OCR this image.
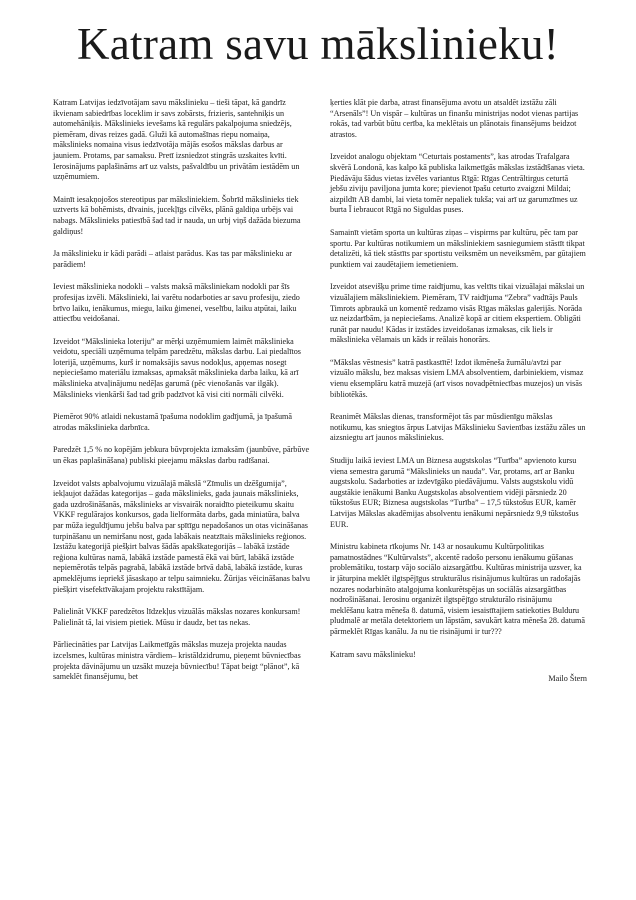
Katram savu mākslinieku!

Katram Latvijas iedzīvotājam savu mākslinieku – tieši tāpat, kā gandrīz ikvienam sabiedrības loceklim ir savs zobārsts, frizieris, santehniķis un automehāniķis. Mākslinieks ievešams kā regulārs pakalpojuma sniedzējs, piemēram, divas reizes gadā. Gluži kā automašīnas riepu nomaiņa, mākslinieks nomaina visus iedzīvotāja mājās esošos mākslas darbus ar jauniem. Protams, par samaksu. Pretī izsniedzot stingrās uzskaites kvīti. Ierosinājums paplašināms arī uz valsts, pašvaldību un privātām iestādēm un uzņēmumiem.

Mainīt iesakņojošos stereotipus par māksliniekiem. Šobrīd mākslinieks tiek uztverts kā bohēmists, dīvainis, jucekļīgs cilvēks, plānā galdiņa urbējs vai nabags. Mākslinieks patiesībā šad tad ir nauda, un urbj viņš dažāda biezuma galdiņus!

Ja mākslinieku ir kādi parādi – atlaist parādus. Kas tas par mākslinieku ar parādiem!

Ieviest mākslinieka nodokli – valsts maksā māksliniekam nodokli par šīs profesijas izvēli. Mākslinieki, lai varētu nodarboties ar savu profesiju, ziedo brīvo laiku, ienākumus, miegu, laiku ģimenei, veselību, laiku atpūtai, laiku attiecību veidošanai.

Izveidot “Mākslinieka loteriju” ar mērķi uzņēmumiem laimēt mākslinieka veidotu, speciāli uzņēmuma telpām paredzētu, mākslas darbu. Lai piedalītos loterijā, uzņēmums, kurš ir nomaksājis savus nodokļus, apņemas nosegt nepieciešamo materiālu izmaksas, apmaksāt mākslinieka darba laiku, kā arī mākslinieka atvaļinājumu nedēļas garumā (pēc vienošanās var ilgāk). Mākslinieks vienkārši šad tad grib padzīvot kā visi citi normāli cilvēki.

Piemērot 90% atlaidi nekustamā īpašuma nodoklim gadījumā, ja īpašumā atrodas mākslinieka darbnīca.

Paredzēt 1,5 % no kopējām jebkura būvprojekta izmaksām (jaunbūve, pārbūve un ēkas paplašināšana) publiski pieejamu mākslas darbu radīšanai.

Izveidot valsts apbalvojumu vizuālajā mākslā “Zīmulis un dzēšgumija”, iekļaujot dažādas kategorijas – gada mākslinieks, gada jaunais mākslinieks, gada uzdrošināšanās, mākslinieks ar visvairāk noraidīto pieteikumu skaitu VKKF regulārajos konkursos, gada lielformāta darbs, gada miniatūra, balva par mūža ieguldījumu jebšu balva par spītīgu nepadošanos un otas vicināšanas turpināšanu un nemiršanu nost, gada labākais neatzītais mākslinieks reģionos. Izstāžu kategorijā piešķirt balvas šādās apakškategorijās – labākā izstāde reģiona kultūras namā, labākā izstāde pamestā ēkā vai būrī, labākā izstāde nepiemērotās telpās pagrabā, labākā izstāde brīvā dabā, labākā izstāde, kuras apmeklējums iepriekš jāsaskaņo ar telpu saimnieku. Žūrijas vēicināšanas balvu piešķirt visefektīvākajam projektu rakstītājam.

Palielināt VKKF paredzētos līdzekļus vizuālās mākslas nozares konkursam! Palielināt tā, lai visiem pietiek. Mūsu ir daudz, bet tas nekas.

Pārliecināties par Latvijas Laikmetīgās mākslas muzeja projekta naudas izcelsmes, kultūras ministra vārdiem– kristāldzidrumu, pieņemt būvniecības projekta dāvinājumu un uzsākt muzeja būvniecību! Tāpat beigt “plānot”, kā sameklēt finansējumu, bet

ķerties klāt pie darba, atrast finansējuma avotu un atsaldēt izstāžu zāli “Arsenāls”! Un vispār – kultūras un finanšu ministrijas nodot vienas partijas rokās, tad varbūt būtu cerība, ka meklētais un plānotais finansējums beidzot atrastos.

Izveidot analogu objektam “Ceturtais postaments”, kas atrodas Trafalgara skvērā Londonā, kas kalpo kā publiska laikmetīgās mākslas izstādīšanas vieta. Piedāvāju šādus vietas izvēles variantus Rīgā: Rīgas Centrāltirgus ceturtā jebšu ziviju paviljona jumta kore; pievienot īpašu ceturto zvaigzni Mildai; aizpildīt AB dambi, lai vieta tomēr nepaliek tukša; vai arī uz garumzīmes uz burta Ī iebraucot Rīgā no Siguldas puses.

Samainīt vietām sporta un kultūras ziņas – vispirms par kultūru, pēc tam par sportu. Par kultūras notikumiem un māksliniekiem sasniegumiem stāstīt tikpat detalizēti, kā tiek stāstīts par sportistu veiksmēm un neveiksmēm, par gūtajiem punktiem vai zaudētajiem iemetieniem.

Izveidot atsevišķu prime time raidījumu, kas veltīts tikai vizuālajai mākslai un vizuālajiem māksliniekiem. Piemēram, TV raidījuma “Zebra” vadītājs Pauls Timrots apbraukā un komentē redzamo visās Rīgas mākslas galerijās. Norāda uz neizdarībām, ja nepieciešams. Analizē kopā ar citiem ekspertiem. Obligāti runāt par naudu! Kādas ir izstādes izveidošanas izmaksas, cik liels ir mākslinieka vēlamais un kāds ir reālais honorārs.

“Mākslas vēstnesis” katrā pastkastītē! Izdot ikmēneša žurnālu/avīzi par vizuālo mākslu, bez maksas visiem LMA absolventiem, darbiniekiem, vismaz vienu eksemplāru katrā muzejā (arī visos novadpētniecības muzejos) un visās bibliotēkās.

Reanimēt Mākslas dienas, transformējot tās par mūsdienīgu mākslas notikumu, kas sniegtos ārpus Latvijas Mākslinieku Savienības izstāžu zāles un aizsniegtu arī jaunos māksliniekus.

Studiju laikā ieviest LMA un Biznesa augstskolas “Turība” apvienoto kursu viena semestra garumā “Mākslinieks un nauda”. Var, protams, arī ar Banku augstskolu. Sadarboties ar izdevīgāko piedāvājumu. Valsts augstskolu vidū augstākie ienākumi Banku Augstskolas absolventiem vidēji pārsniedz 20 tūkstošus EUR; Biznesa augstskolas “Turība” – 17,5 tūkstošus EUR, kamēr Latvijas Mākslas akadēmijas absolventu ienākumi nepārsniedz 9,9 tūkstošus EUR.

Ministru kabineta rīkojums Nr. 143 ar nosaukumu Kultūrpolitikas pamatnostādnes “Kultūrvalsts”, akcentē radošo personu ienākumu gūšanas problemātiku, tostarp vājo sociālo aizsargātību. Kultūras ministrija uzsver, ka ir jāturpina meklēt ilgtspējīgus strukturālus risinājumus kultūras un radošajās nozares nodarbināto atalgojuma konkurētspējas un sociālās aizsargātības nodrošināšanai. Ierosinu organizēt ilgtspējīgo strukturālo risinājumu meklēšanu katra mēneša 8. datumā, visiem iesaistītajiem satiekoties Bulduru pludmalē ar metāla detektoriem un lāpstām, savukārt katra mēneša 28. datumā pārmeklēt Rīgas kanālu. Ja nu tie risinājumi ir tur???

Katram savu mākslinieku!

Mailo Štern
